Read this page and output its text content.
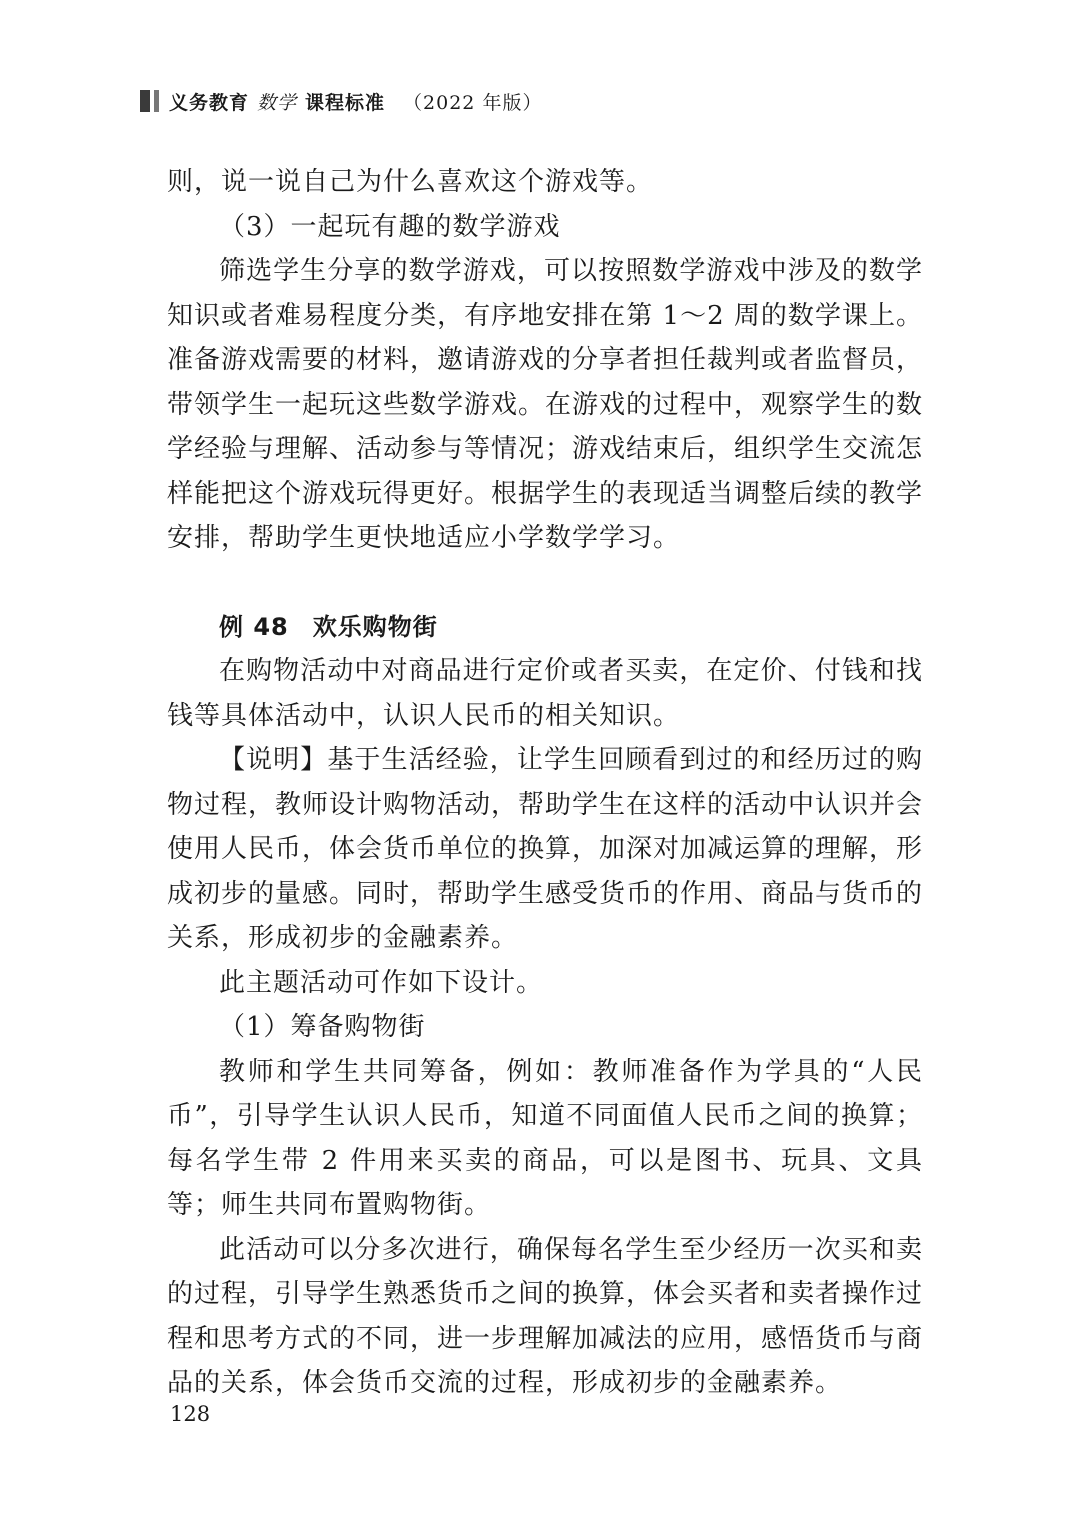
义务教育 数学 课程标准 （2022 年版）

则，说一说自己为什么喜欢这个游戏等。

（3）一起玩有趣的数学游戏

筛选学生分享的数学游戏，可以按照数学游戏中涉及的数学知识或者难易程度分类，有序地安排在第 1～2 周的数学课上。准备游戏需要的材料，邀请游戏的分享者担任裁判或者监督员，带领学生一起玩这些数学游戏。在游戏的过程中，观察学生的数学经验与理解、活动参与等情况；游戏结束后，组织学生交流怎样能把这个游戏玩得更好。根据学生的表现适当调整后续的教学安排，帮助学生更快地适应小学数学学习。

例 48 欢乐购物街

在购物活动中对商品进行定价或者买卖，在定价、付钱和找钱等具体活动中，认识人民币的相关知识。

【说明】基于生活经验，让学生回顾看到过的和经历过的购物过程，教师设计购物活动，帮助学生在这样的活动中认识并会使用人民币，体会货币单位的换算，加深对加减运算的理解，形成初步的量感。同时，帮助学生感受货币的作用、商品与货币的关系，形成初步的金融素养。

此主题活动可作如下设计。

（1）筹备购物街

教师和学生共同筹备，例如：教师准备作为学具的“人民币”，引导学生认识人民币，知道不同面值人民币之间的换算；每名学生带 2 件用来买卖的商品，可以是图书、玩具、文具等；师生共同布置购物街。

此活动可以分多次进行，确保每名学生至少经历一次买和卖的过程，引导学生熟悉货币之间的换算，体会买者和卖者操作过程和思考方式的不同，进一步理解加减法的应用，感悟货币与商品的关系，体会货币交流的过程，形成初步的金融素养。

128
